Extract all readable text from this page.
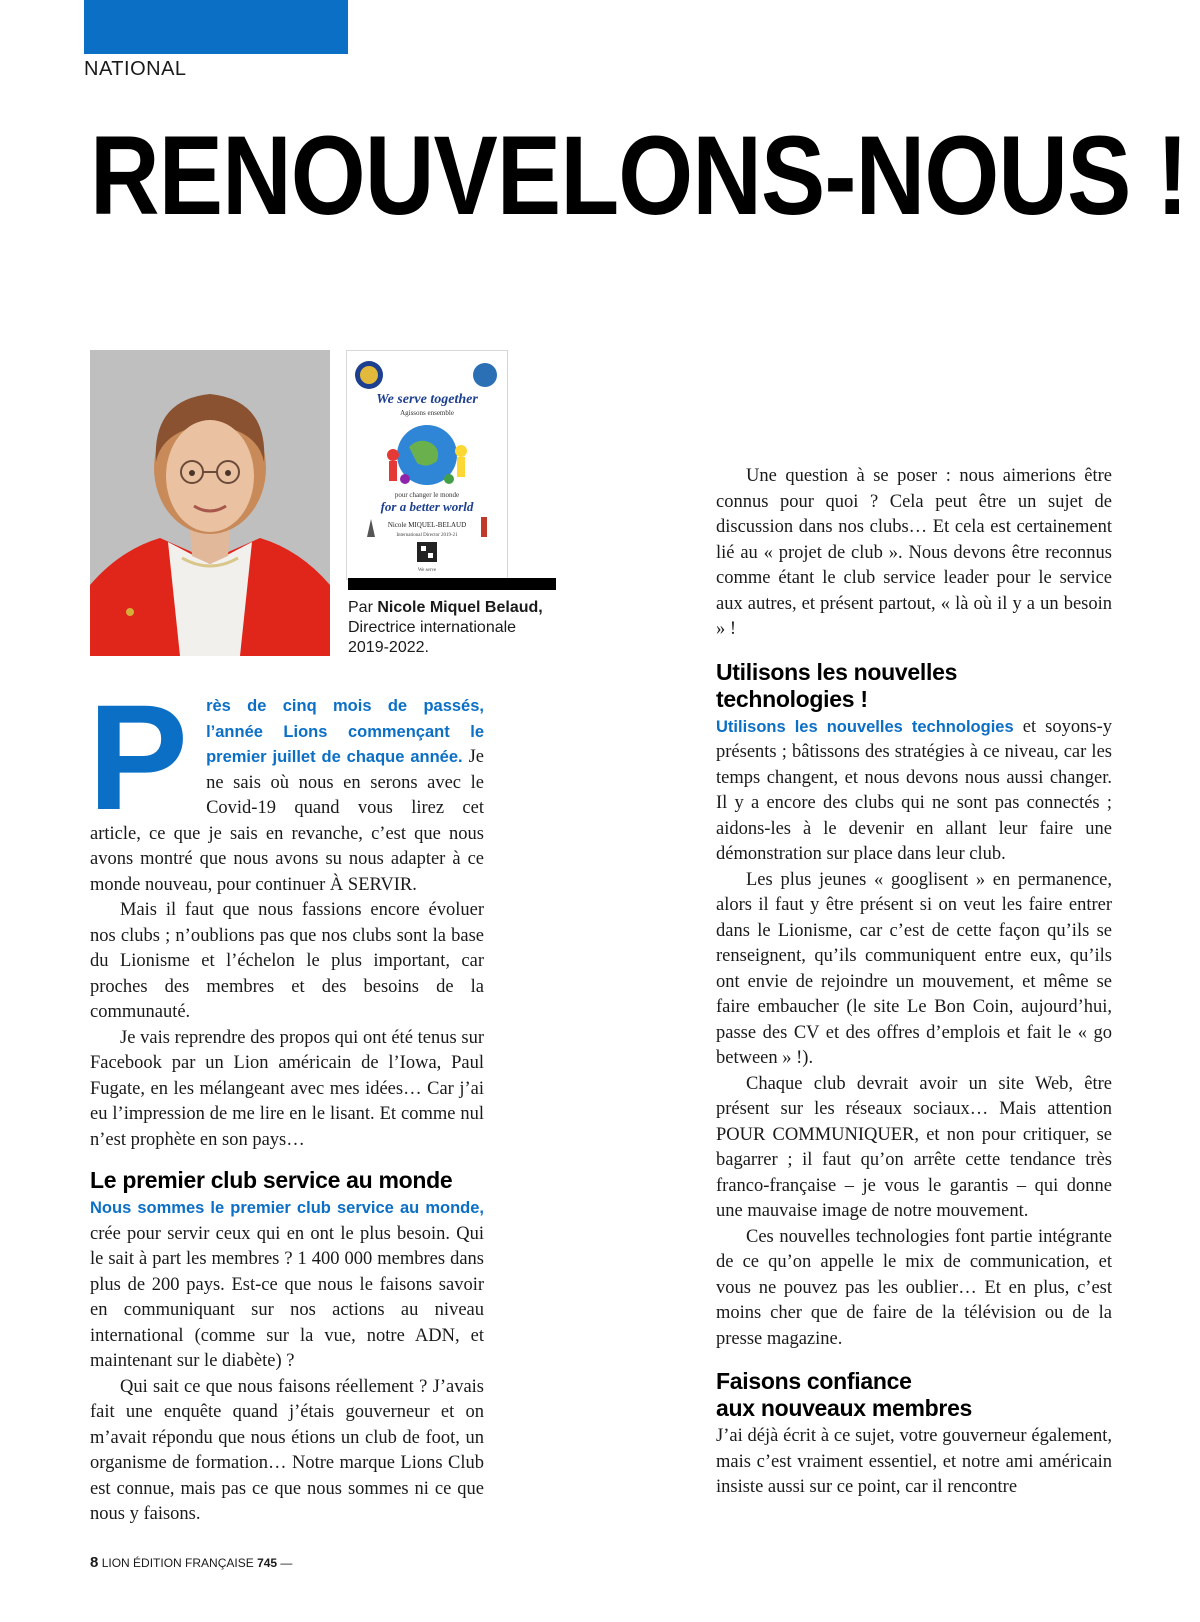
NATIONAL
RENOUVELONS-NOUS !
We serve together
Agissons ensemble
pour changer le monde
for a better world
Nicole MIQUEL-BELAUD
International Director 2019-21
We serve
Par Nicole Miquel Belaud,
Directrice internationale
2019-2022.

P rès de cinq mois de passés, l’année Lions commençant le premier juillet de chaque année. Je ne sais où nous en serons avec le Covid-19 quand vous lirez cet article, ce que je sais en revanche, c’est que nous avons montré que nous avons su nous adapter à ce monde nouveau, pour continuer À SERVIR.

Mais il faut que nous fassions encore évoluer nos clubs ; n’oublions pas que nos clubs sont la base du Lionisme et l’échelon le plus important, car proches des membres et des besoins de la communauté.

Je vais reprendre des propos qui ont été tenus sur Facebook par un Lion américain de l’Iowa, Paul Fugate, en les mélangeant avec mes idées… Car j’ai eu l’impression de me lire en le lisant. Et comme nul n’est prophète en son pays…

Le premier club service au monde

Nous sommes le premier club service au monde, crée pour servir ceux qui en ont le plus besoin. Qui le sait à part les membres ? 1 400 000 membres dans plus de 200 pays. Est-ce que nous le faisons savoir en communiquant sur nos actions au niveau international (comme sur la vue, notre ADN, et maintenant sur le diabète) ?

Qui sait ce que nous faisons réellement ? J’avais fait une enquête quand j’étais gouverneur et on m’avait répondu que nous étions un club de foot, un organisme de formation… Notre marque Lions Club est connue, mais pas ce que nous sommes ni ce que nous y faisons.

Une question à se poser : nous aimerions être connus pour quoi ? Cela peut être un sujet de discussion dans nos clubs… Et cela est certainement lié au « projet de club ». Nous devons être reconnus comme étant le club service leader pour le service aux autres, et présent partout, « là où il y a un besoin » !

Utilisons les nouvelles
technologies !

Utilisons les nouvelles technologies et soyons-y présents ; bâtissons des stratégies à ce niveau, car les temps changent, et nous devons nous aussi changer. Il y a encore des clubs qui ne sont pas connectés ; aidons-les à le devenir en allant leur faire une démonstration sur place dans leur club.

Les plus jeunes « googlisent » en permanence, alors il faut y être présent si on veut les faire entrer dans le Lionisme, car c’est de cette façon qu’ils se renseignent, qu’ils communiquent entre eux, qu’ils ont envie de rejoindre un mouvement, et même se faire embaucher (le site Le Bon Coin, aujourd’hui, passe des CV et des offres d’emplois et fait le « go between » !).

Chaque club devrait avoir un site Web, être présent sur les réseaux sociaux… Mais attention POUR COMMUNIQUER, et non pour critiquer, se bagarrer ; il faut qu’on arrête cette tendance très franco-française – je vous le garantis – qui donne une mauvaise image de notre mouvement.

Ces nouvelles technologies font partie intégrante de ce qu’on appelle le mix de communication, et vous ne pouvez pas les oublier… Et en plus, c’est moins cher que de faire de la télévision ou de la presse magazine.

Faisons confiance
aux nouveaux membres

J’ai déjà écrit à ce sujet, votre gouverneur également, mais c’est vraiment essentiel, et notre ami américain insiste aussi sur ce point, car il rencontre

8 LION ÉDITION FRANÇAISE 745 —
